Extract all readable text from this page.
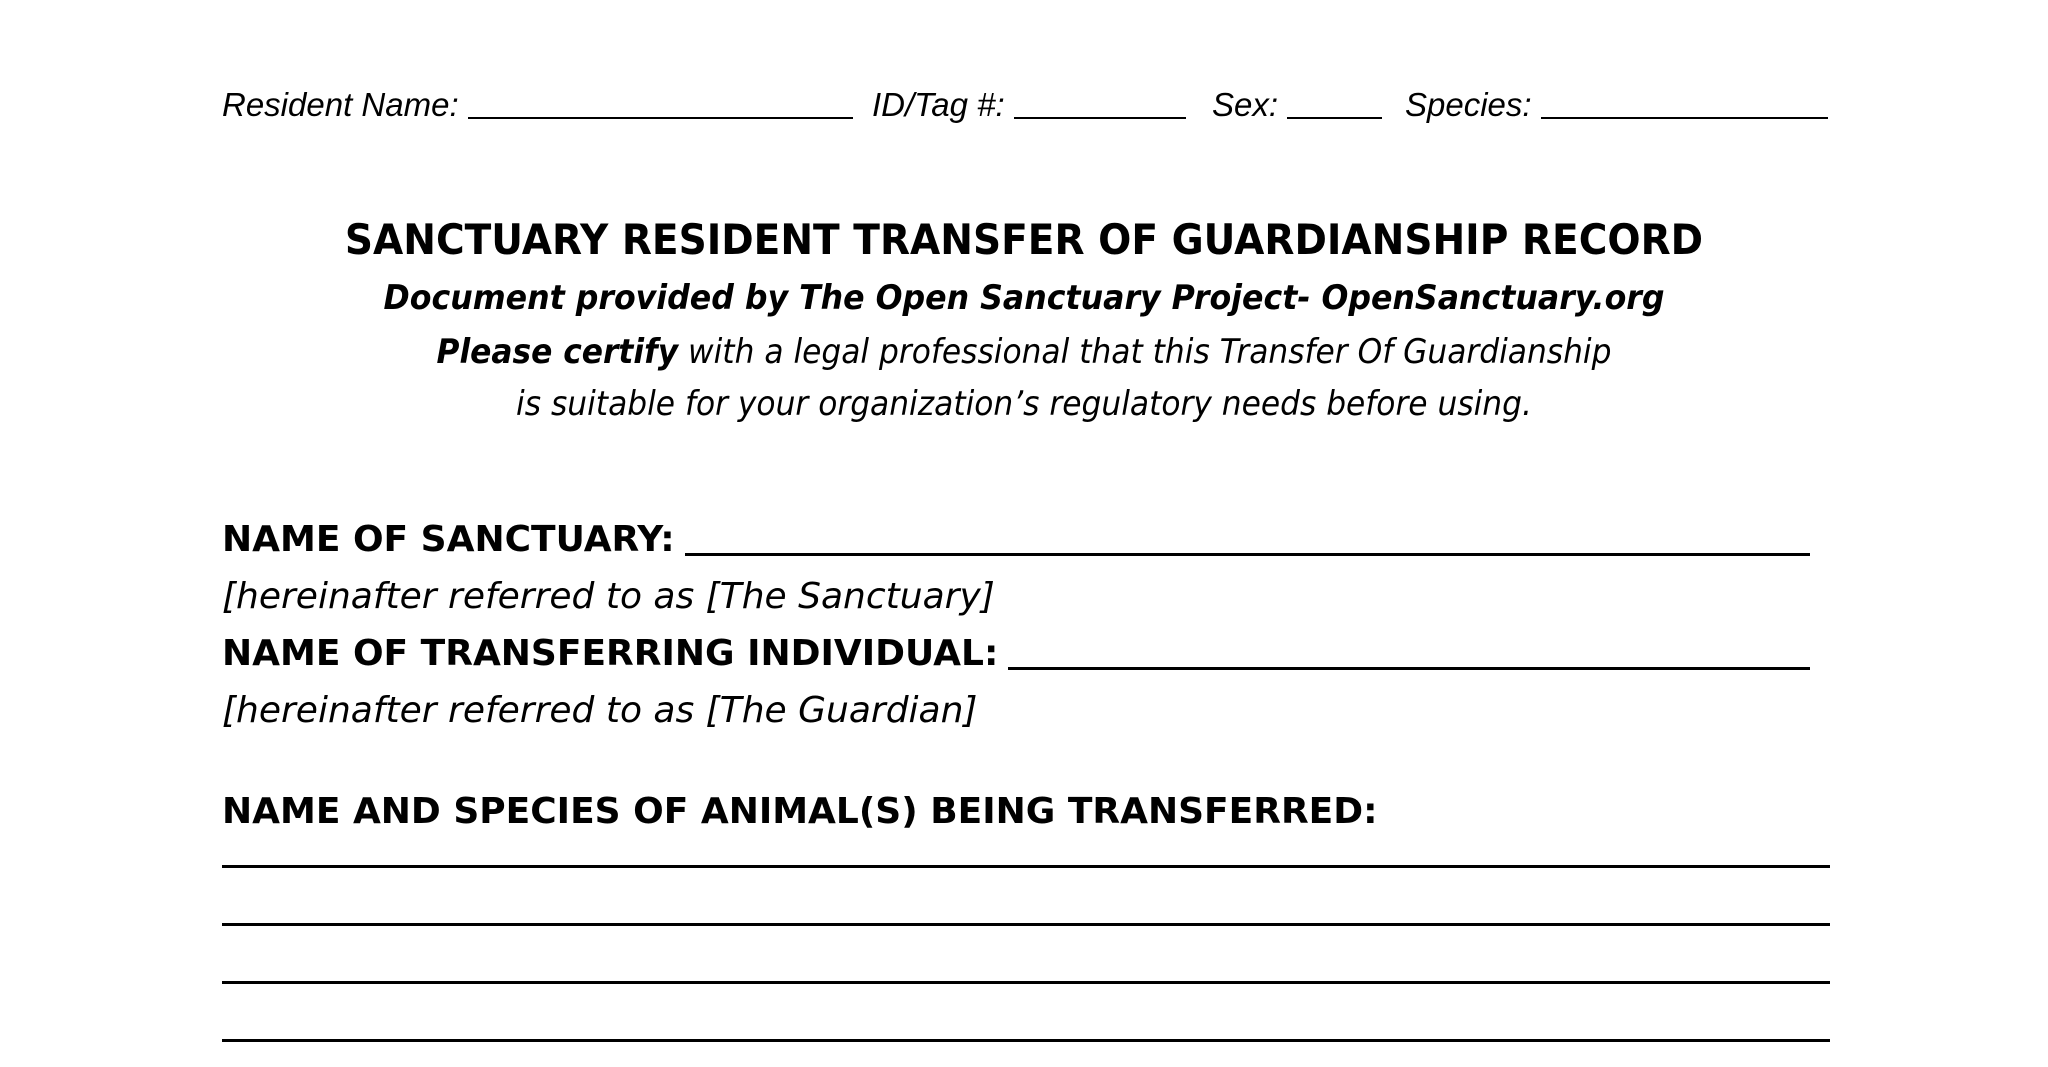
Resident Name:	ID/Tag #:	Sex:	Species:
SANCTUARY RESIDENT TRANSFER OF GUARDIANSHIP RECORD
Document provided by The Open Sanctuary Project- OpenSanctuary.org
Please certify with a legal professional that this Transfer Of Guardianship
is suitable for your organization’s regulatory needs before using.
NAME OF SANCTUARY:
[hereinafter referred to as [The Sanctuary]
NAME OF TRANSFERRING INDIVIDUAL:
[hereinafter referred to as [The Guardian]
NAME AND SPECIES OF ANIMAL(S) BEING TRANSFERRED:
